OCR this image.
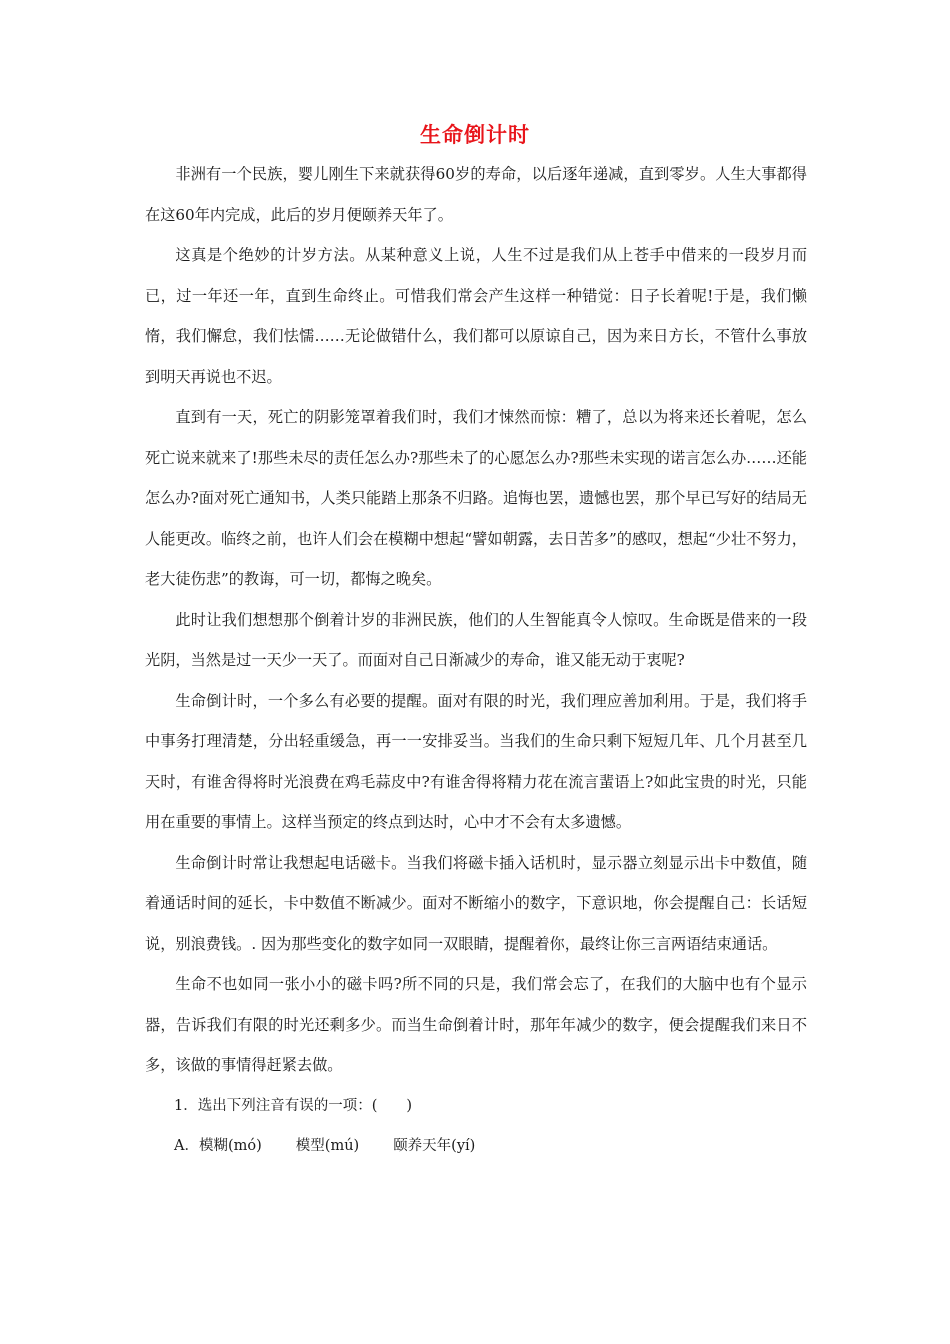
生命倒计时

非洲有一个民族，婴儿刚生下来就获得60岁的寿命，以后逐年递减，直到零岁。人生大事都得在这60年内完成，此后的岁月便颐养天年了。

这真是个绝妙的计岁方法。从某种意义上说，人生不过是我们从上苍手中借来的一段岁月而已，过一年还一年，直到生命终止。可惜我们常会产生这样一种错觉：日子长着呢!于是，我们懒惰，我们懈怠，我们怯懦……无论做错什么，我们都可以原谅自己，因为来日方长，不管什么事放到明天再说也不迟。

直到有一天，死亡的阴影笼罩着我们时，我们才悚然而惊：糟了，总以为将来还长着呢，怎么死亡说来就来了!那些未尽的责任怎么办?那些未了的心愿怎么办?那些未实现的诺言怎么办……还能怎么办?面对死亡通知书，人类只能踏上那条不归路。追悔也罢，遗憾也罢，那个早已写好的结局无人能更改。临终之前，也许人们会在模糊中想起“譬如朝露，去日苦多”的感叹，想起“少壮不努力，老大徒伤悲”的教诲，可一切，都悔之晚矣。

此时让我们想想那个倒着计岁的非洲民族，他们的人生智能真令人惊叹。生命既是借来的一段光阴，当然是过一天少一天了。而面对自己日渐减少的寿命，谁又能无动于衷呢?

生命倒计时，一个多么有必要的提醒。面对有限的时光，我们理应善加利用。于是，我们将手中事务打理清楚，分出轻重缓急，再一一安排妥当。当我们的生命只剩下短短几年、几个月甚至几天时，有谁舍得将时光浪费在鸡毛蒜皮中?有谁舍得将精力花在流言蜚语上?如此宝贵的时光，只能用在重要的事情上。这样当预定的终点到达时，心中才不会有太多遗憾。

生命倒计时常让我想起电话磁卡。当我们将磁卡插入话机时，显示器立刻显示出卡中数值，随着通话时间的延长，卡中数值不断减少。面对不断缩小的数字，下意识地，你会提醒自己：长话短说，别浪费钱。. 因为那些变化的数字如同一双眼睛，提醒着你，最终让你三言两语结束通话。

生命不也如同一张小小的磁卡吗?所不同的只是，我们常会忘了，在我们的大脑中也有个显示器，告诉我们有限的时光还剩多少。而当生命倒着计时，那年年减少的数字，便会提醒我们来日不多，该做的事情得赶紧去做。

1．选出下列注音有误的一项：(　　)

A．模糊(mó) 模型(mú) 颐养天年(yí)
